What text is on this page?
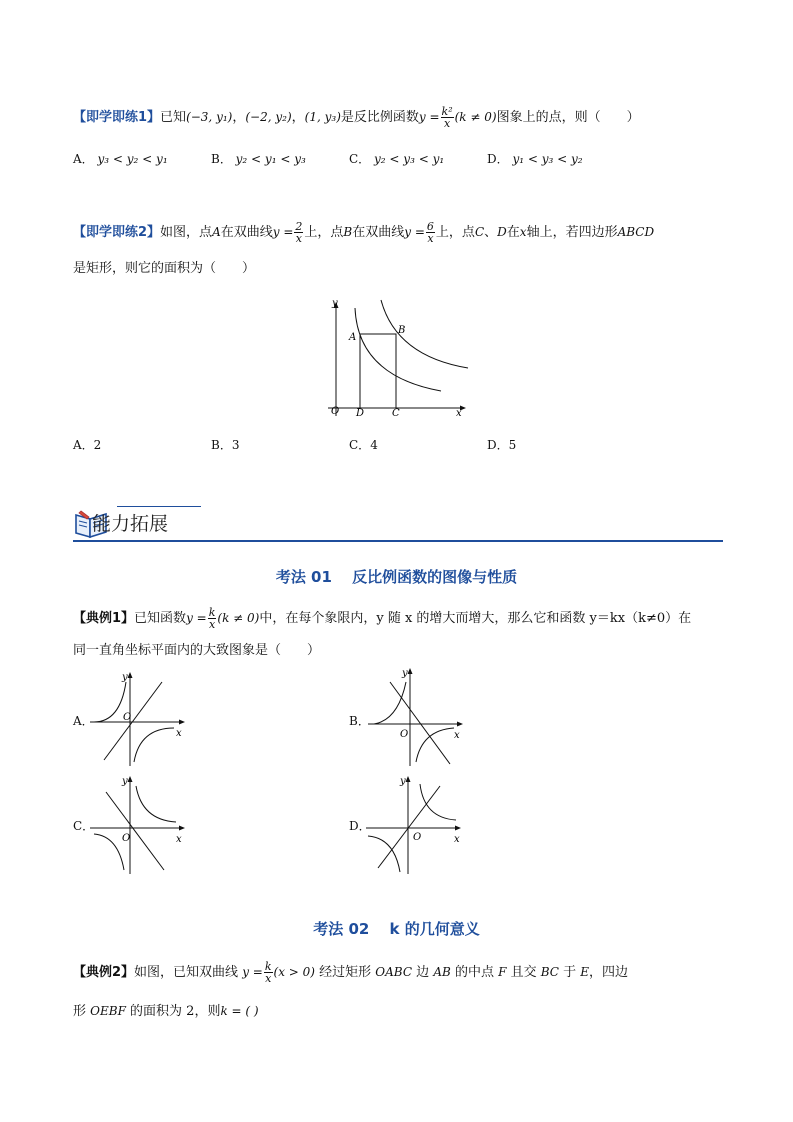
【即学即练1】已知(−3, y₁)，(−2, y₂)，(1, y₃)是反比例函数$y = \frac{\text{k²}}{x} (k \ne 0)$图象上的点，则（　　）
A． y₃ < y₂ < y₁	B． y₂ < y₁ < y₃	C． y₂ < y₃ < y₁	D． y₁ < y₃ < y₂
【即学即练2】如图，点A在双曲线$y = \frac{2}{x}$ 上，点B在双曲线$y = \frac{6}{x}$ 上，点C、D在x轴上，若四边形ABCD
是矩形，则它的面积为（　　）
y
x
O
A
B
C
D
A．2	B．3	C．4	D．5
能力拓展
考法 01　 反比例函数的图像与性质
【典例1】已知函数$y = \frac{k}{x} (k \ne 0)$中，在每个象限内，y 随 x 的增大而增大，那么它和函数 y＝kx（k≠0）在
同一直角坐标平面内的大致图象是（　　）
A．
y
x
O	B．
y
x
O
C．
y
x
O
D．
y
x
O
考法 02　 k 的几何意义
【典例2】如图，已知双曲线 $y = \frac{k}{x} (x > 0)$ 经过矩形 OABC 边 AB 的中点 F 且交 BC 于 E，四边
形 OEBF 的面积为 2，则k = ( )
